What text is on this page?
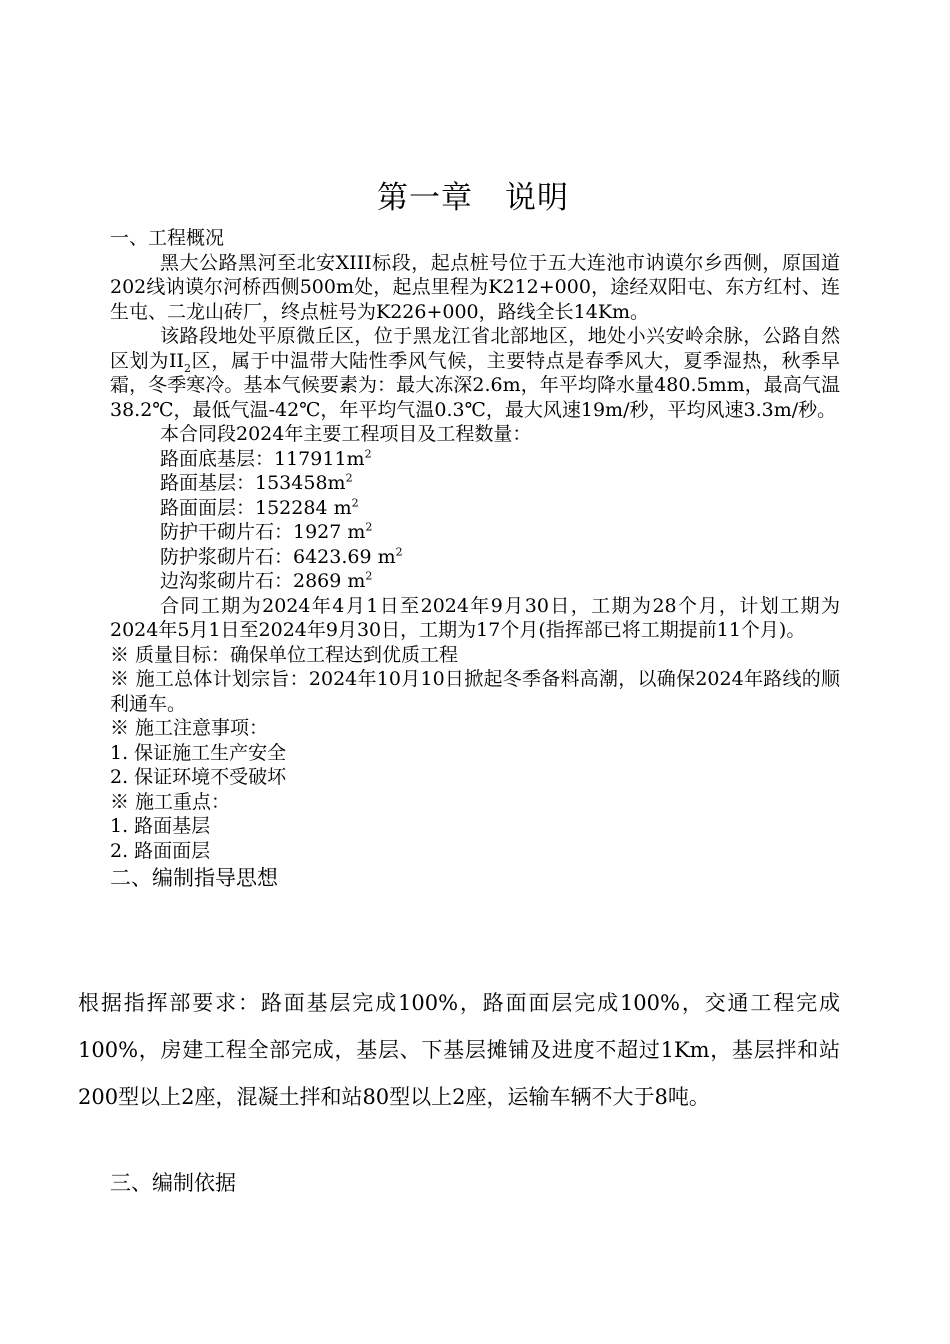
第一章　说明

一、工程概况

黑大公路黑河至北安XIII标段，起点桩号位于五大连池市讷谟尔乡西侧，原国道202线讷谟尔河桥西侧500m处，起点里程为K212+000，途经双阳屯、东方红村、连生屯、二龙山砖厂，终点桩号为K226+000，路线全长14Km。

该路段地处平原微丘区，位于黑龙江省北部地区，地处小兴安岭余脉，公路自然区划为$II_2$区，属于中温带大陆性季风气候，主要特点是春季风大，夏季湿热，秋季早霜，冬季寒冷。基本气候要素为：最大冻深2.6m，年平均降水量480.5mm，最高气温38.2℃，最低气温-42℃，年平均气温0.3℃，最大风速19m/秒，平均风速3.3m/秒。

本合同段2024年主要工程项目及工程数量：

路面底基层：$117911m^2$

路面基层：$153458m^2$

路面面层：152284 $m^2$

防护干砌片石：1927 $m^2$

防护浆砌片石：6423.69 $m^2$

边沟浆砌片石：2869 $m^2$

合同工期为2024年4月1日至2024年9月30日，工期为28个月，计划工期为2024年5月1日至2024年9月30日，工期为17个月(指挥部已将工期提前11个月)。

※ 质量目标：确保单位工程达到优质工程

※ 施工总体计划宗旨：2024年10月10日掀起冬季备料高潮，以确保2024年路线的顺利通车。

※ 施工注意事项：

1. 保证施工生产安全

2. 保证环境不受破坏

※ 施工重点：

1. 路面基层

2. 路面面层

二、编制指导思想

根据指挥部要求：路面基层完成100%，路面面层完成100%，交通工程完成100%，房建工程全部完成，基层、下基层摊铺及进度不超过1Km，基层拌和站200型以上2座，混凝土拌和站80型以上2座，运输车辆不大于8吨。

三、编制依据
